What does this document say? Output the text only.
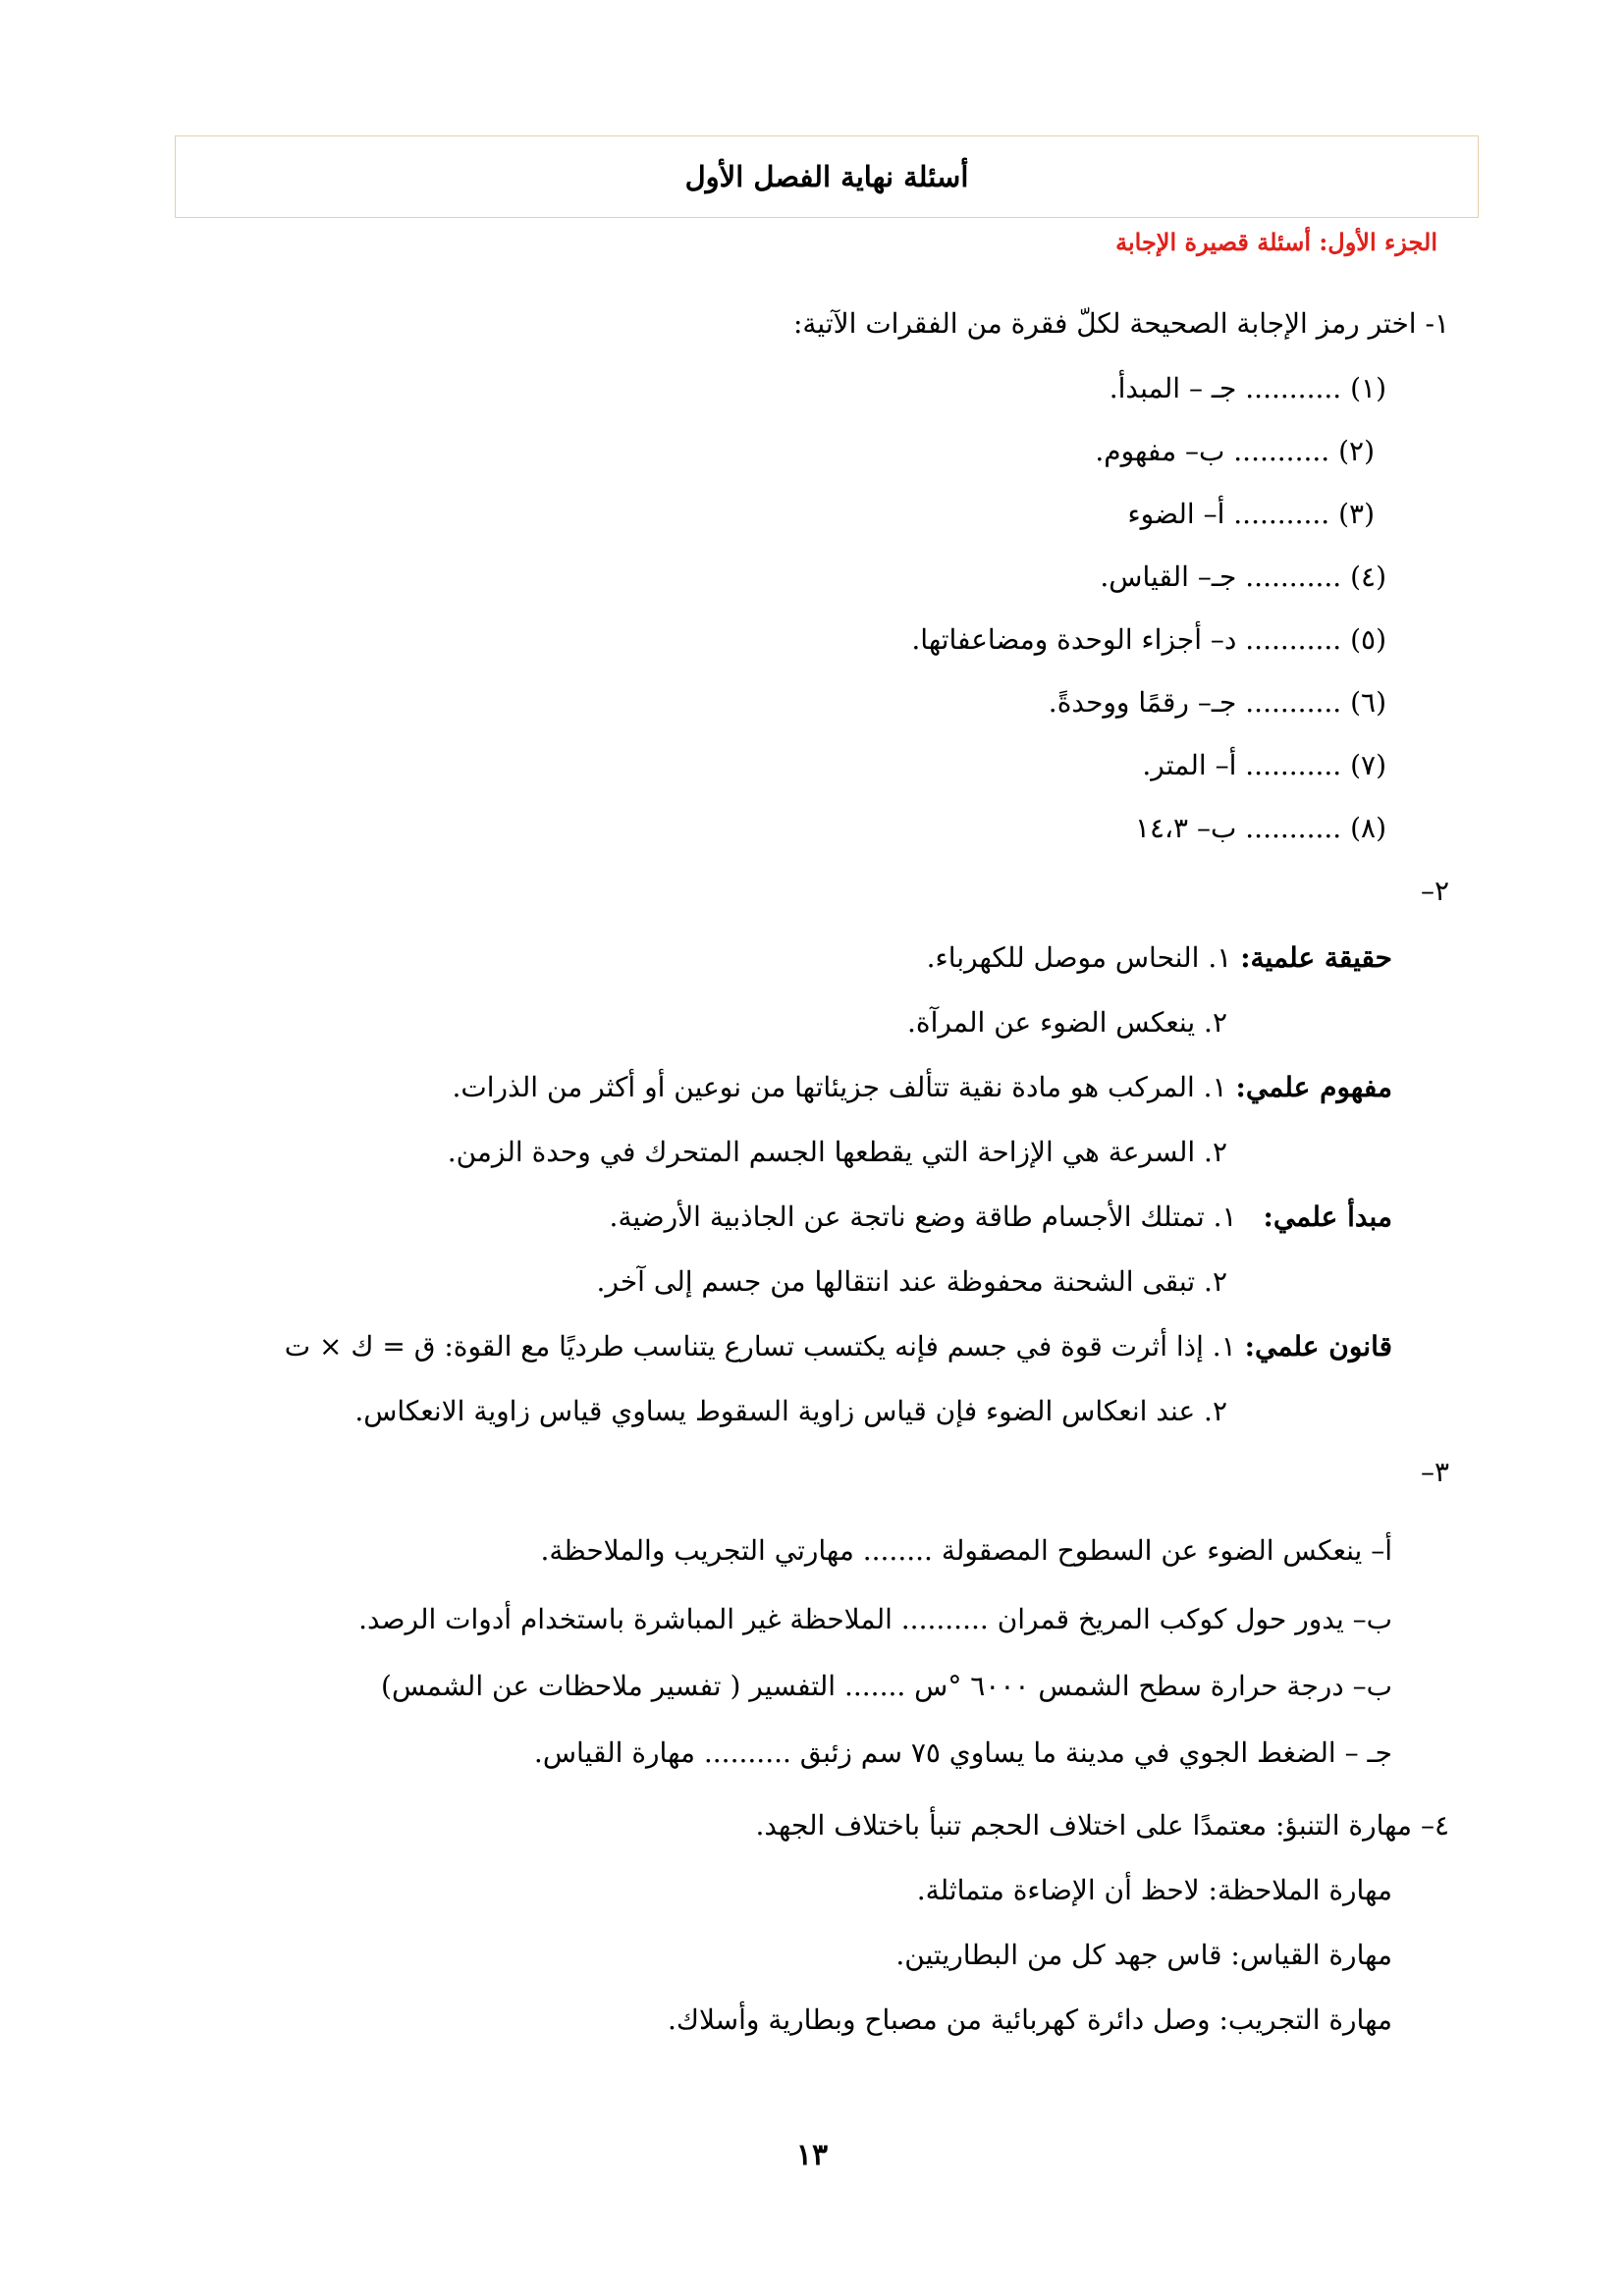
أسئلة نهاية الفصل الأول
الجزء الأول: أسئلة قصيرة الإجابة
١- اختر رمز الإجابة الصحيحة لكلّ فقرة من الفقرات الآتية:
(١) ........... جـ – المبدأ.
(٢) ........... ب– مفهوم.
(٣) ........... أ– الضوء
(٤) ........... جـ– القياس.
(٥) ........... د– أجزاء الوحدة ومضاعفاتها.
(٦) ........... جـ– رقمًا ووحدةً.
(٧) ........... أ– المتر.
(٨) ........... ب– ١٤،٣
٢–
حقيقة علمية: ١. النحاس موصل للكهرباء.
٢. ينعكس الضوء عن المرآة.
مفهوم علمي: ١. المركب هو مادة نقية تتألف جزيئاتها من نوعين أو أكثر من الذرات.
٢. السرعة هي الإزاحة التي يقطعها الجسم المتحرك في وحدة الزمن.
مبدأ علمي: ١. تمتلك الأجسام طاقة وضع ناتجة عن الجاذبية الأرضية.
٢. تبقى الشحنة محفوظة عند انتقالها من جسم إلى آخر.
قانون علمي: ١. إذا أثرت قوة في جسم فإنه يكتسب تسارع يتناسب طرديًا مع القوة: ق = ك × ت
٢. عند انعكاس الضوء فإن قياس زاوية السقوط يساوي قياس زاوية الانعكاس.
٣–
أ– ينعكس الضوء عن السطوح المصقولة ........ مهارتي التجريب والملاحظة.
ب– يدور حول كوكب المريخ قمران .......... الملاحظة غير المباشرة باستخدام أدوات الرصد.
ب– درجة حرارة سطح الشمس ٦٠٠٠ °س ....... التفسير ( تفسير ملاحظات عن الشمس)
جـ – الضغط الجوي في مدينة ما يساوي ٧٥ سم زئبق .......... مهارة القياس.
٤– مهارة التنبؤ: معتمدًا على اختلاف الحجم تنبأ باختلاف الجهد.
مهارة الملاحظة: لاحظ أن الإضاءة متماثلة.
مهارة القياس: قاس جهد كل من البطاريتين.
مهارة التجريب: وصل دائرة كهربائية من مصباح وبطارية وأسلاك.
١٣
